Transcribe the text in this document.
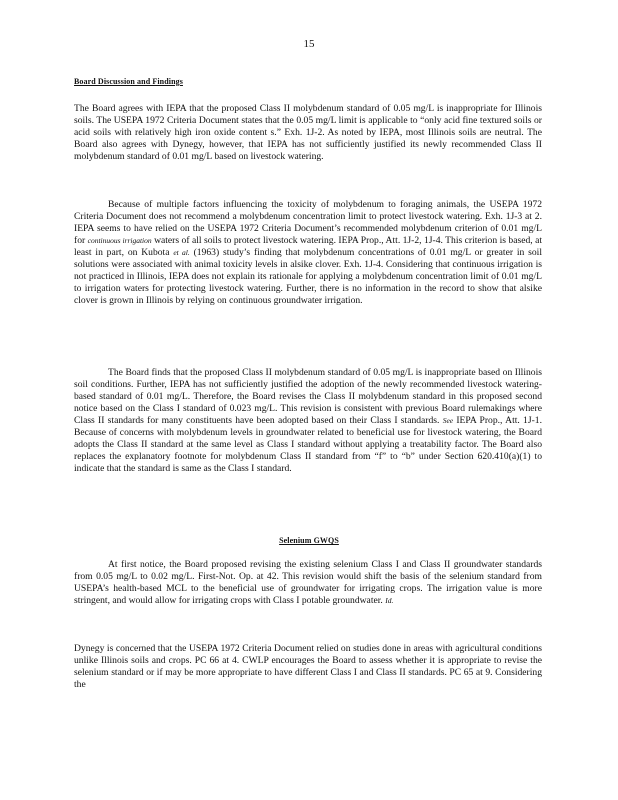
15
Board Discussion and Findings

The Board agrees with IEPA that the proposed Class II molybdenum standard of 0.05 mg/L is inappropriate for Illinois soils. The USEPA 1972 Criteria Document states that the 0.05 mg/L limit is applicable to “only acid fine textured soils or acid soils with relatively high iron oxide content s.” Exh. 1J-2. As noted by IEPA, most Illinois soils are neutral. The Board also agrees with Dynegy, however, that IEPA has not sufficiently justified its newly recommended Class II molybdenum standard of 0.01 mg/L based on livestock watering.

Because of multiple factors influencing the toxicity of molybdenum to foraging animals, the USEPA 1972 Criteria Document does not recommend a molybdenum concentration limit to protect livestock watering. Exh. 1J-3 at 2. IEPA seems to have relied on the USEPA 1972 Criteria Document’s recommended molybdenum criterion of 0.01 mg/L for continuous irrigation waters of all soils to protect livestock watering. IEPA Prop., Att. 1J-2, 1J-4. This criterion is based, at least in part, on Kubota et al. (1963) study’s finding that molybdenum concentrations of 0.01 mg/L or greater in soil solutions were associated with animal toxicity levels in alsike clover. Exh. 1J-4. Considering that continuous irrigation is not practiced in Illinois, IEPA does not explain its rationale for applying a molybdenum concentration limit of 0.01 mg/L to irrigation waters for protecting livestock watering. Further, there is no information in the record to show that alsike clover is grown in Illinois by relying on continuous groundwater irrigation.

The Board finds that the proposed Class II molybdenum standard of 0.05 mg/L is inappropriate based on Illinois soil conditions. Further, IEPA has not sufficiently justified the adoption of the newly recommended livestock watering-based standard of 0.01 mg/L. Therefore, the Board revises the Class II molybdenum standard in this proposed second notice based on the Class I standard of 0.023 mg/L. This revision is consistent with previous Board rulemakings where Class II standards for many constituents have been adopted based on their Class I standards. See IEPA Prop., Att. 1J-1. Because of concerns with molybdenum levels in groundwater related to beneficial use for livestock watering, the Board adopts the Class II standard at the same level as Class I standard without applying a treatability factor. The Board also replaces the explanatory footnote for molybdenum Class II standard from “f” to “b” under Section 620.410(a)(1) to indicate that the standard is same as the Class I standard.

Selenium GWQS

At first notice, the Board proposed revising the existing selenium Class I and Class II groundwater standards from 0.05 mg/L to 0.02 mg/L. First-Not. Op. at 42. This revision would shift the basis of the selenium standard from USEPA’s health-based MCL to the beneficial use of groundwater for irrigating crops. The irrigation value is more stringent, and would allow for irrigating crops with Class I potable groundwater. Id.

Dynegy is concerned that the USEPA 1972 Criteria Document relied on studies done in areas with agricultural conditions unlike Illinois soils and crops. PC 66 at 4. CWLP encourages the Board to assess whether it is appropriate to revise the selenium standard or if may be more appropriate to have different Class I and Class II standards. PC 65 at 9. Considering the
